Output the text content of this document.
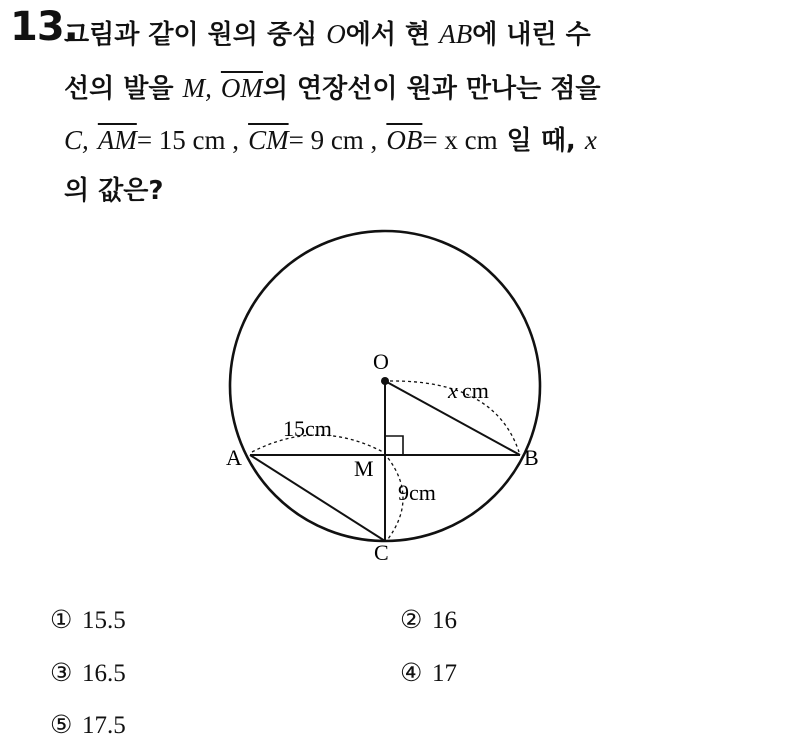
13.
그림과 같이 원의 중심 O에서 현 AB에 내린 수
선의 발을 M, $\overline{OM}$의 연장선이 원과 만나는 점을
C, $\overline{AM}= 15$ cm , $\overline{CM}= 9$ cm , $\overline{OB}= x$ cm 일 때, x
의 값은?
O
A	B
M
C
15cm
x cm
9cm
① 15.5	② 16
③ 16.5	④ 17
⑤ 17.5
